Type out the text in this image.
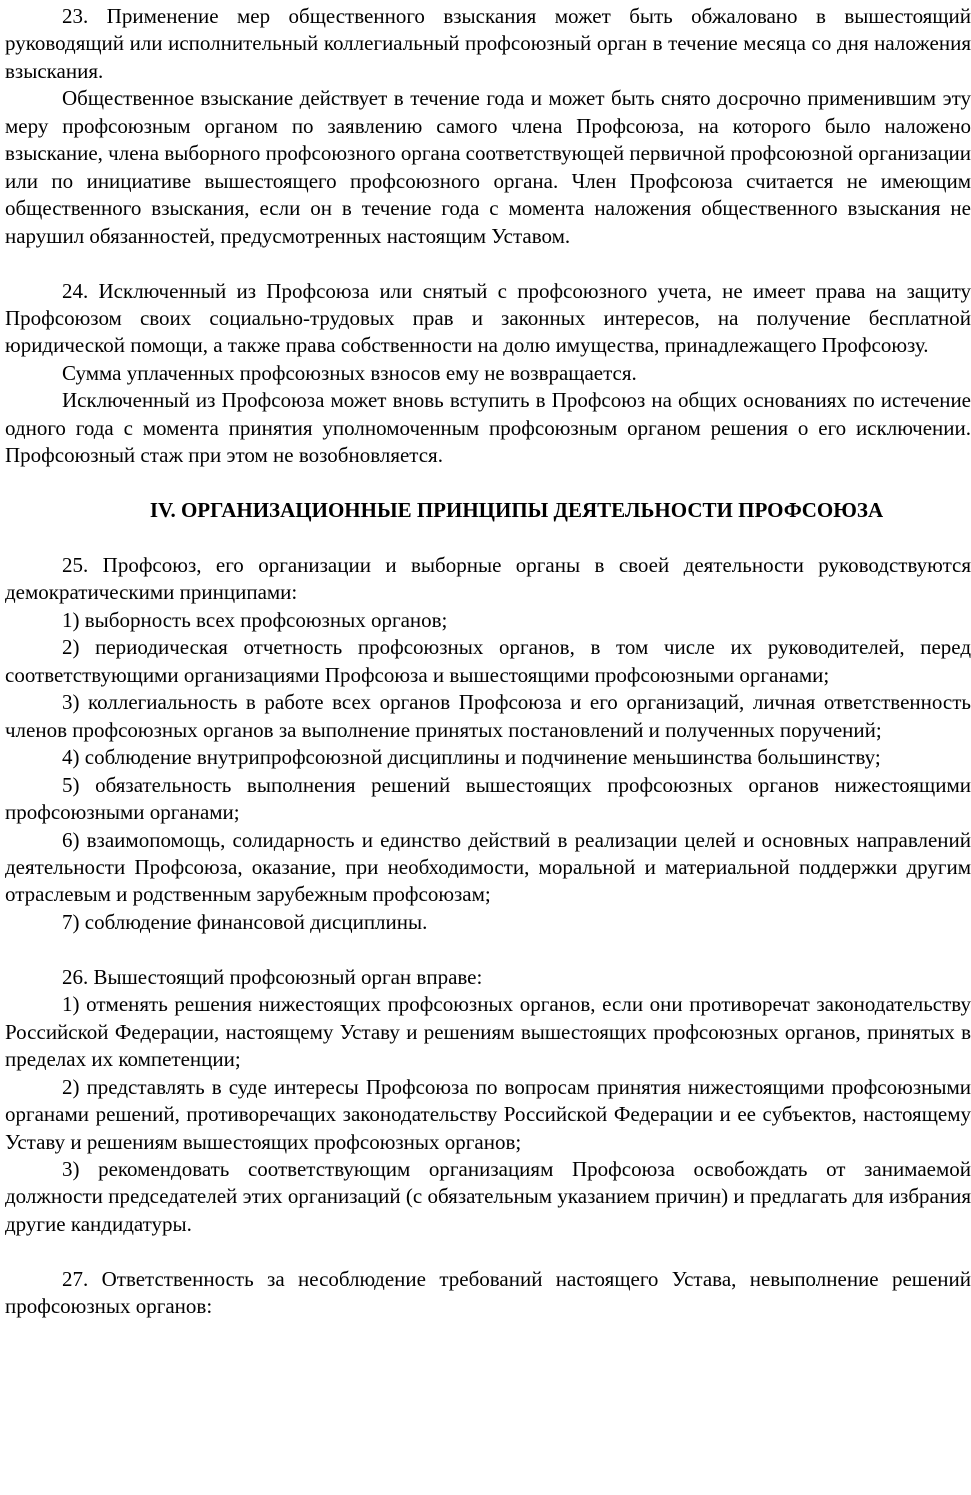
23. Применение мер общественного взыскания может быть обжаловано в вышестоящий руководящий или исполнительный коллегиальный профсоюзный орган в течение месяца со дня наложения взыскания.

Общественное взыскание действует в течение года и может быть снято досрочно применившим эту меру профсоюзным органом по заявлению самого члена Профсоюза, на которого было наложено взыскание, члена выборного профсоюзного органа соответствующей первичной профсоюзной организации или по инициативе вышестоящего профсоюзного органа. Член Профсоюза считается не имеющим общественного взыскания, если он в течение года с момента наложения общественного взыскания не нарушил обязанностей, предусмотренных настоящим Уставом.

24. Исключенный из Профсоюза или снятый с профсоюзного учета, не имеет права на защиту Профсоюзом своих социально-трудовых прав и законных интересов, на получение бесплатной юридической помощи, а также права собственности на долю имущества, принадлежащего Профсоюзу.

Сумма уплаченных профсоюзных взносов ему не возвращается.

Исключенный из Профсоюза может вновь вступить в Профсоюз на общих основаниях по истечение одного года с момента принятия уполномоченным профсоюзным органом решения о его исключении. Профсоюзный стаж при этом не возобновляется.

IV. ОРГАНИЗАЦИОННЫЕ ПРИНЦИПЫ ДЕЯТЕЛЬНОСТИ ПРОФСОЮЗА

25. Профсоюз, его организации и выборные органы в своей деятельности руководствуются демократическими принципами:

1) выборность всех профсоюзных органов;

2) периодическая отчетность профсоюзных органов, в том числе их руководителей, перед соответствующими организациями Профсоюза и вышестоящими профсоюзными органами;

3) коллегиальность в работе всех органов Профсоюза и его организаций, личная ответственность членов профсоюзных органов за выполнение принятых постановлений и полученных поручений;

4) соблюдение внутрипрофсоюзной дисциплины и подчинение меньшинства большинству;

5) обязательность выполнения решений вышестоящих профсоюзных органов нижестоящими профсоюзными органами;

6) взаимопомощь, солидарность и единство действий в реализации целей и основных направлений деятельности Профсоюза, оказание, при необходимости, моральной и материальной поддержки другим отраслевым и родственным зарубежным профсоюзам;

7) соблюдение финансовой дисциплины.

26. Вышестоящий профсоюзный орган вправе:

1) отменять решения нижестоящих профсоюзных органов, если они противоречат законодательству Российской Федерации, настоящему Уставу и решениям вышестоящих профсоюзных органов, принятых в пределах их компетенции;

2) представлять в суде интересы Профсоюза по вопросам принятия нижестоящими профсоюзными органами решений, противоречащих законодательству Российской Федерации и ее субъектов, настоящему Уставу и решениям вышестоящих профсоюзных органов;

3) рекомендовать соответствующим организациям Профсоюза освобождать от занимаемой должности председателей этих организаций (с обязательным указанием причин) и предлагать для избрания другие кандидатуры.

27. Ответственность за несоблюдение требований настоящего Устава, невыполнение решений профсоюзных органов:
